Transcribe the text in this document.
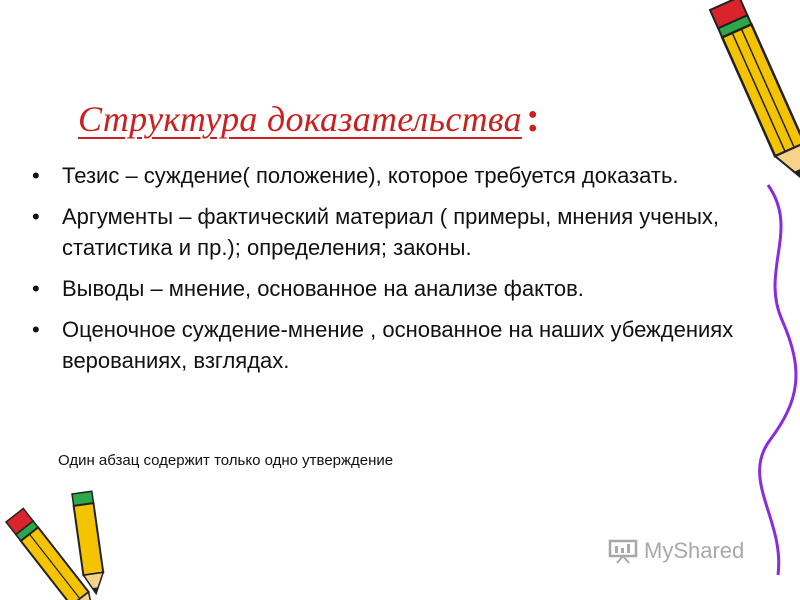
Структура доказательства:
• Тезис – суждение( положение), которое требуется доказать.
• Аргументы – фактический материал ( примеры, мнения ученых, статистика и пр.); определения; законы.
• Выводы – мнение, основанное на анализе фактов.
• Оценочное суждение-мнение , основанное на наших убеждениях верованиях, взглядах.
Один абзац содержит только одно утверждение
MyShared
